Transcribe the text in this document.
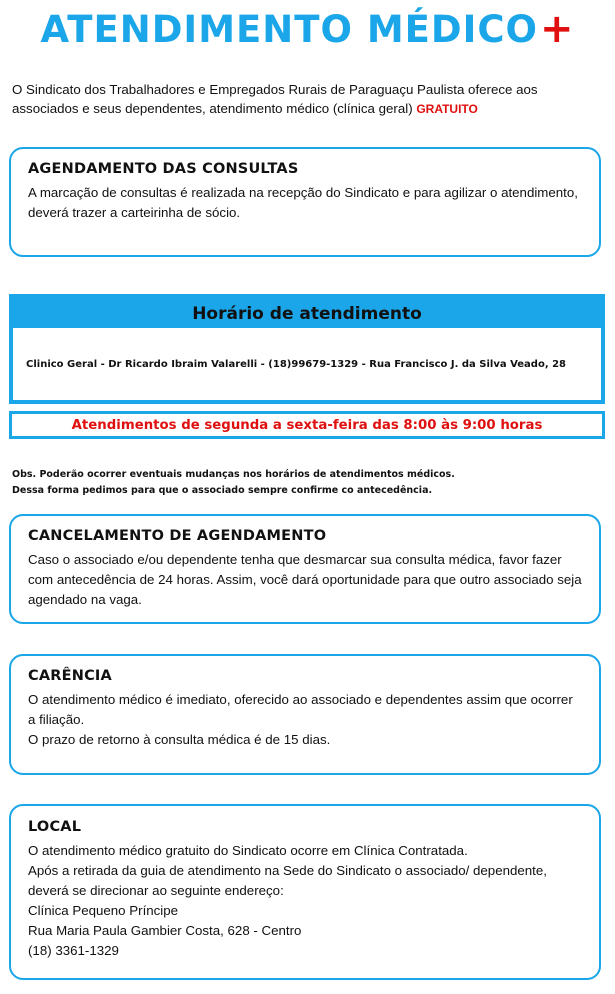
ATENDIMENTO MÉDICO+
O Sindicato dos Trabalhadores e Empregados Rurais de Paraguaçu Paulista oferece aos associados e seus dependentes, atendimento médico (clínica geral) GRATUITO
AGENDAMENTO DAS CONSULTAS

A marcação de consultas é realizada na recepção do Sindicato e para agilizar o atendimento, deverá trazer a carteirinha de sócio.

Horário de atendimento
Clinico Geral - Dr Ricardo Ibraim Valarelli - (18)99679-1329 - Rua Francisco J. da Silva Veado, 28
Atendimentos de segunda a sexta-feira das 8:00 às 9:00 horas
Obs. Poderão ocorrer eventuais mudanças nos horários de atendimentos médicos.
Dessa forma pedimos para que o associado sempre confirme co antecedência.
CANCELAMENTO DE AGENDAMENTO

Caso o associado e/ou dependente tenha que desmarcar sua consulta médica, favor fazer com antecedência de 24 horas. Assim, você dará oportunidade para que outro associado seja agendado na vaga.

CARÊNCIA

O atendimento médico é imediato, oferecido ao associado e dependentes assim que ocorrer a filiação.

O prazo de retorno à consulta médica é de 15 dias.

LOCAL

O atendimento médico gratuito do Sindicato ocorre em Clínica Contratada.

Após a retirada da guia de atendimento na Sede do Sindicato o associado/ dependente, deverá se direcionar ao seguinte endereço:

Clínica Pequeno Príncipe

Rua Maria Paula Gambier Costa, 628 - Centro

(18) 3361-1329
